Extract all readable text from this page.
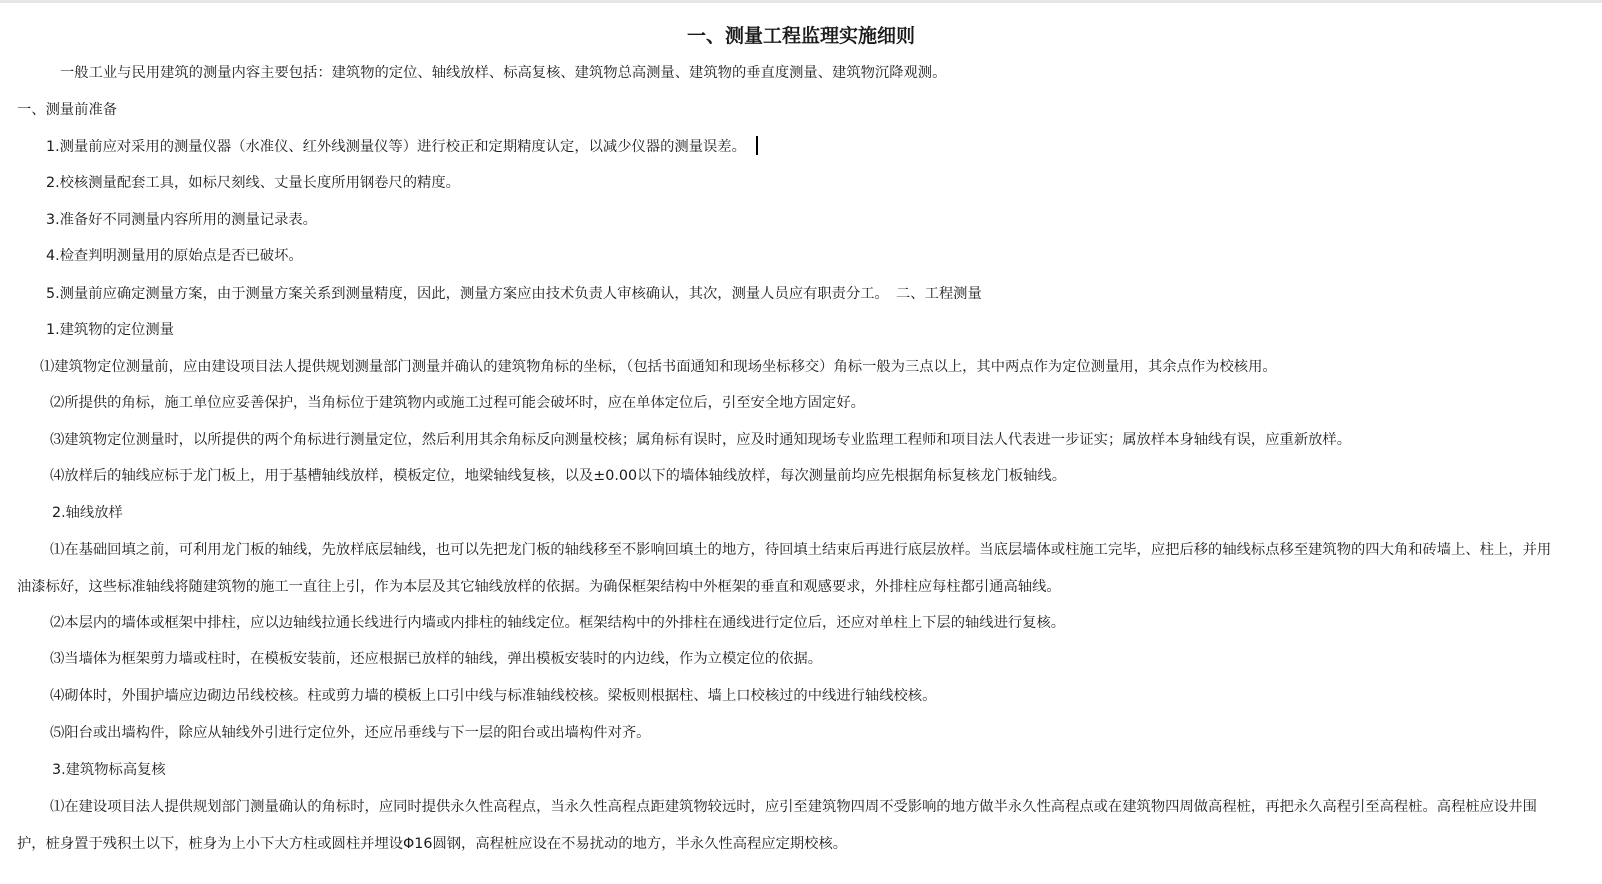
一、测量工程监理实施细则

一般工业与民用建筑的测量内容主要包括：建筑物的定位、轴线放样、标高复核、建筑物总高测量、建筑物的垂直度测量、建筑物沉降观测。

一、测量前准备

1.测量前应对采用的测量仪器（水准仪、红外线测量仪等）进行校正和定期精度认定，以减少仪器的测量误差。

2.校核测量配套工具，如标尺刻线、丈量长度所用钢卷尺的精度。

3.准备好不同测量内容所用的测量记录表。

4.检查判明测量用的原始点是否已破坏。

5.测量前应确定测量方案，由于测量方案关系到测量精度，因此，测量方案应由技术负责人审核确认，其次，测量人员应有职责分工。　二、工程测量

1.建筑物的定位测量

⑴建筑物定位测量前，应由建设项目法人提供规划测量部门测量并确认的建筑物角标的坐标，（包括书面通知和现场坐标移交）角标一般为三点以上，其中两点作为定位测量用，其余点作为校核用。

⑵所提供的角标，施工单位应妥善保护，当角标位于建筑物内或施工过程可能会破坏时，应在单体定位后，引至安全地方固定好。

⑶建筑物定位测量时，以所提供的两个角标进行测量定位，然后利用其余角标反向测量校核；属角标有误时，应及时通知现场专业监理工程师和项目法人代表进一步证实；属放样本身轴线有误，应重新放样。

⑷放样后的轴线应标于龙门板上，用于基槽轴线放样，模板定位，地梁轴线复核，以及±0.00以下的墙体轴线放样，每次测量前均应先根据角标复核龙门板轴线。

2.轴线放样

⑴在基础回填之前，可利用龙门板的轴线，先放样底层轴线，也可以先把龙门板的轴线移至不影响回填土的地方，待回填土结束后再进行底层放样。当底层墙体或柱施工完毕，应把后移的轴线标点移至建筑物的四大角和砖墙上、柱上，并用油漆标好，这些标准轴线将随建筑物的施工一直往上引，作为本层及其它轴线放样的依据。为确保框架结构中外框架的垂直和观感要求，外排柱应每柱都引通高轴线。

⑵本层内的墙体或框架中排柱，应以边轴线拉通长线进行内墙或内排柱的轴线定位。框架结构中的外排柱在通线进行定位后，还应对单柱上下层的轴线进行复核。

⑶当墙体为框架剪力墙或柱时，在模板安装前，还应根据已放样的轴线，弹出模板安装时的内边线，作为立模定位的依据。

⑷砌体时，外围护墙应边砌边吊线校核。柱或剪力墙的模板上口引中线与标准轴线校核。梁板则根据柱、墙上口校核过的中线进行轴线校核。

⑸阳台或出墙构件，除应从轴线外引进行定位外，还应吊垂线与下一层的阳台或出墙构件对齐。

3.建筑物标高复核

⑴在建设项目法人提供规划部门测量确认的角标时，应同时提供永久性高程点，当永久性高程点距建筑物较远时，应引至建筑物四周不受影响的地方做半永久性高程点或在建筑物四周做高程桩，再把永久高程引至高程桩。高程桩应设井围护，桩身置于残积土以下，桩身为上小下大方柱或圆柱并埋设Φ16圆钢，高程桩应设在不易扰动的地方，半永久性高程应定期校核。
